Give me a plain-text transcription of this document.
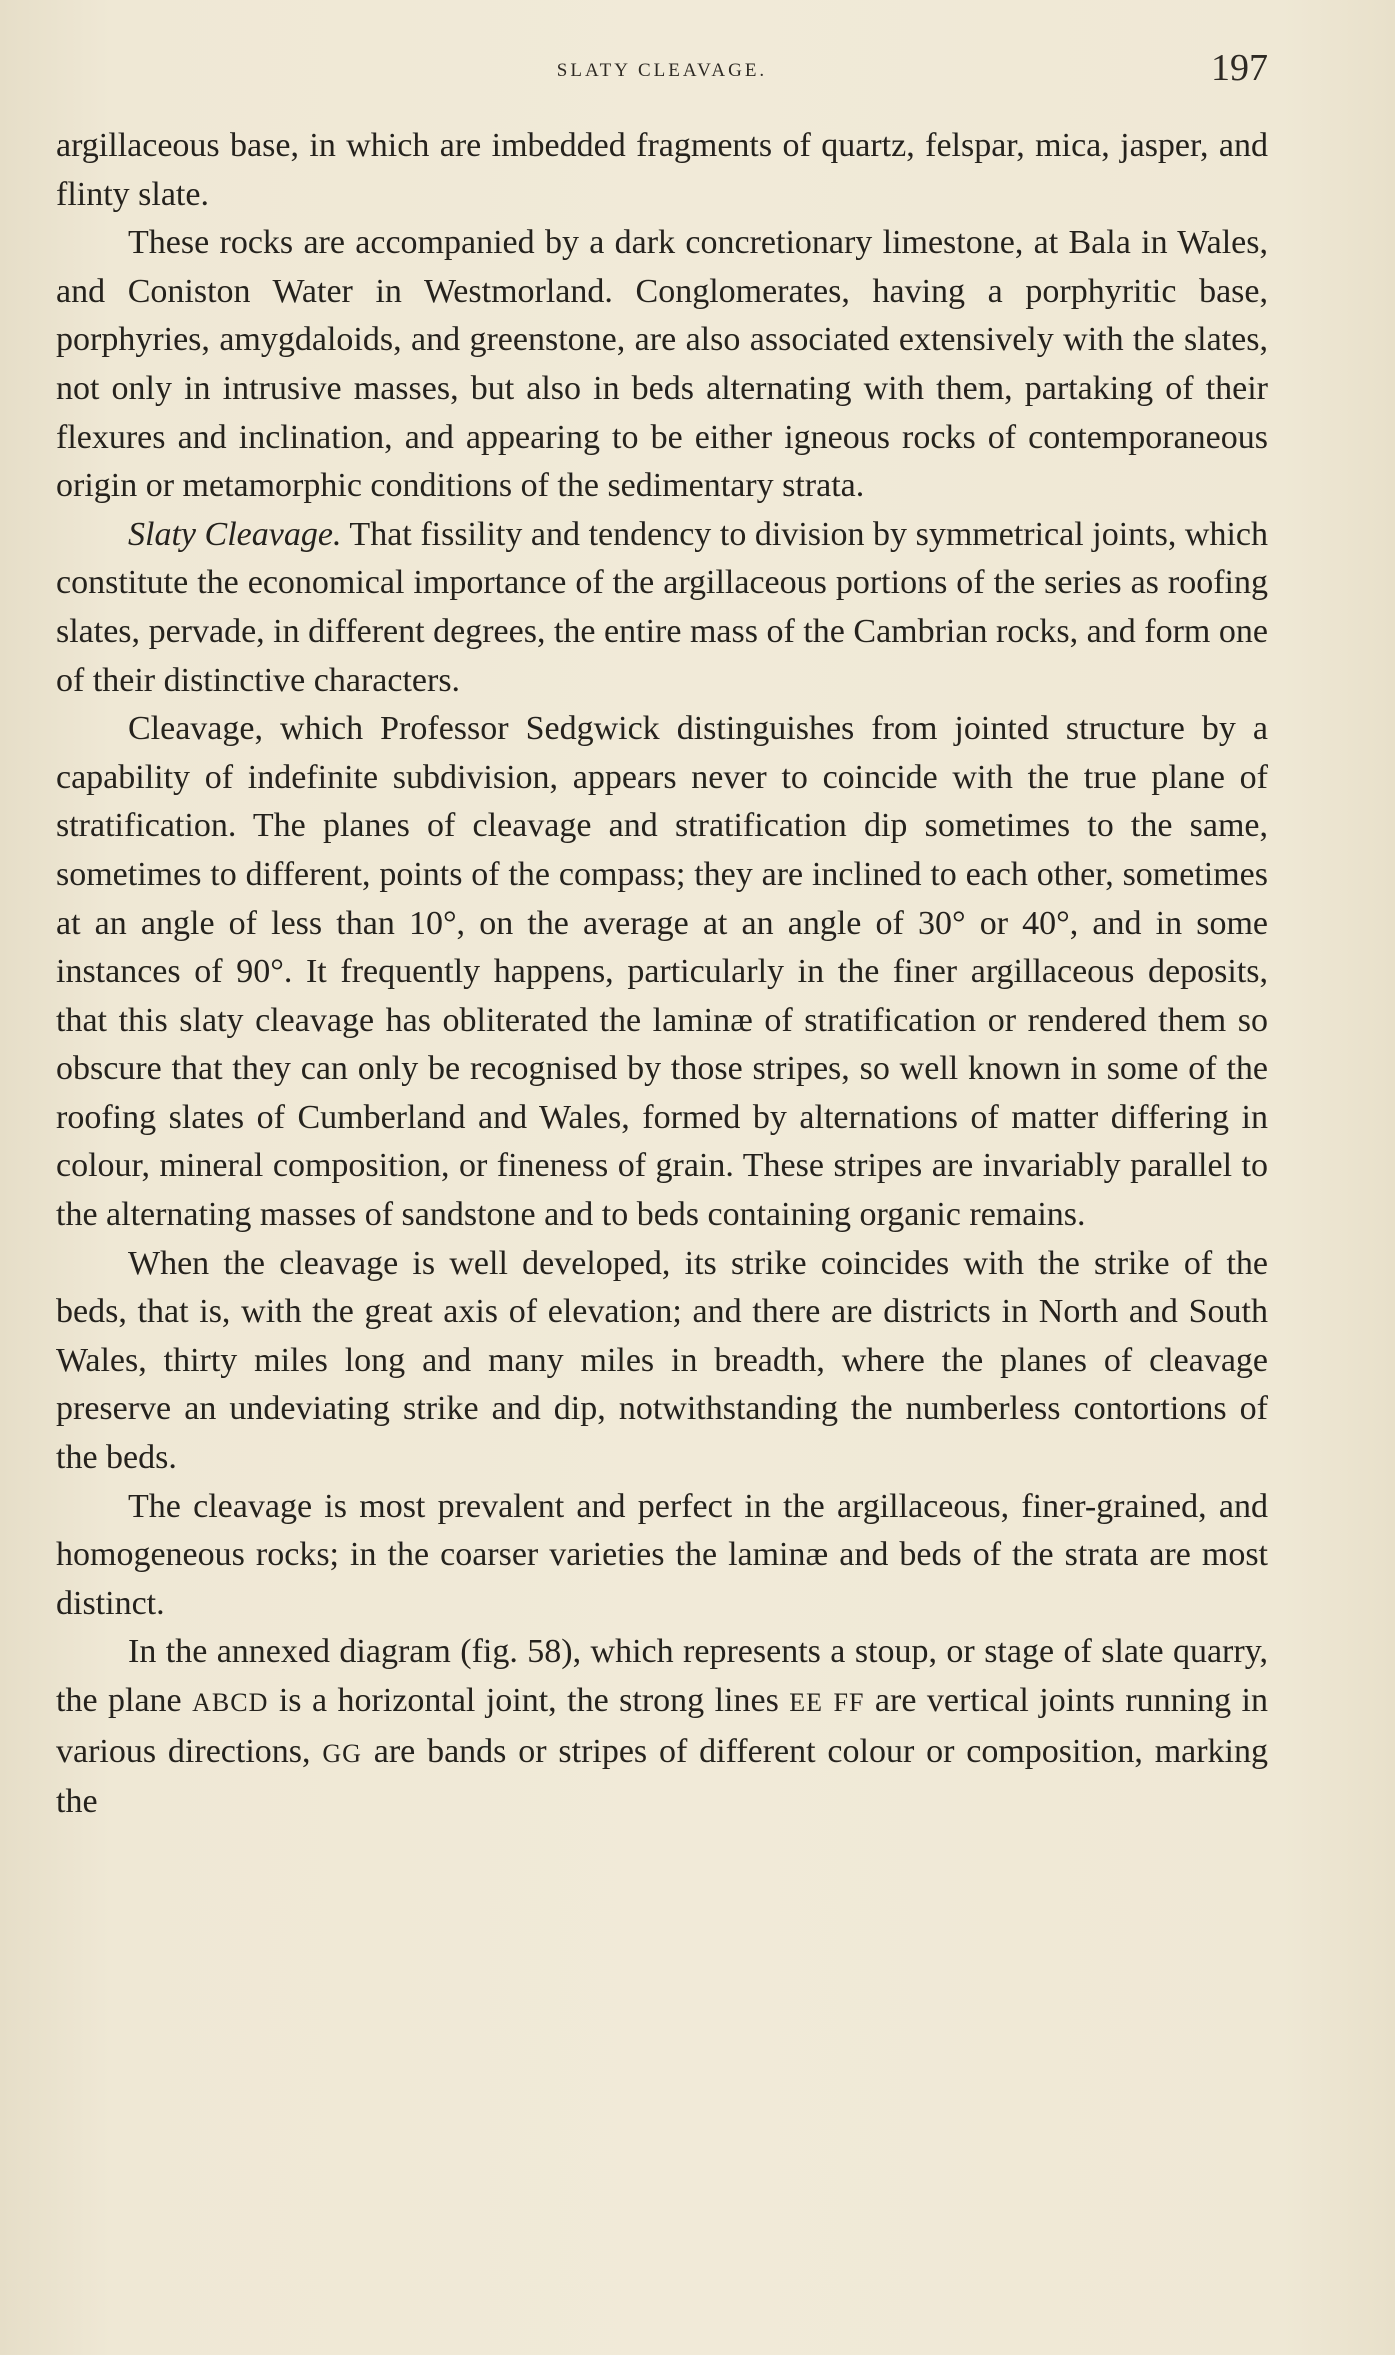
SLATY CLEAVAGE.	197

argillaceous base, in which are imbedded fragments of quartz, felspar, mica, jasper, and flinty slate.

These rocks are accompanied by a dark concretionary limestone, at Bala in Wales, and Coniston Water in Westmorland. Conglomerates, having a porphyritic base, porphyries, amygdaloids, and greenstone, are also associated extensively with the slates, not only in intrusive masses, but also in beds alternating with them, partaking of their flexures and inclination, and appearing to be either igneous rocks of contemporaneous origin or metamorphic conditions of the sedimentary strata.

Slaty Cleavage. That fissility and tendency to division by symmetrical joints, which constitute the economical importance of the argillaceous portions of the series as roofing slates, pervade, in different degrees, the entire mass of the Cambrian rocks, and form one of their distinctive characters.

Cleavage, which Professor Sedgwick distinguishes from jointed structure by a capability of indefinite subdivision, appears never to coincide with the true plane of stratification. The planes of cleavage and stratification dip sometimes to the same, sometimes to different, points of the compass; they are inclined to each other, sometimes at an angle of less than 10°, on the average at an angle of 30° or 40°, and in some instances of 90°. It frequently happens, particularly in the finer argillaceous deposits, that this slaty cleavage has obliterated the laminæ of stratification or rendered them so obscure that they can only be recognised by those stripes, so well known in some of the roofing slates of Cumberland and Wales, formed by alternations of matter differing in colour, mineral composition, or fineness of grain. These stripes are invariably parallel to the alternating masses of sandstone and to beds containing organic remains.

When the cleavage is well developed, its strike coincides with the strike of the beds, that is, with the great axis of elevation; and there are districts in North and South Wales, thirty miles long and many miles in breadth, where the planes of cleavage preserve an undeviating strike and dip, notwithstanding the numberless contortions of the beds.

The cleavage is most prevalent and perfect in the argillaceous, finer-grained, and homogeneous rocks; in the coarser varieties the laminæ and beds of the strata are most distinct.

In the annexed diagram (fig. 58), which represents a stoup, or stage of slate quarry, the plane ABCD is a horizontal joint, the strong lines EE FF are vertical joints running in various directions, GG are bands or stripes of different colour or composition, marking the
